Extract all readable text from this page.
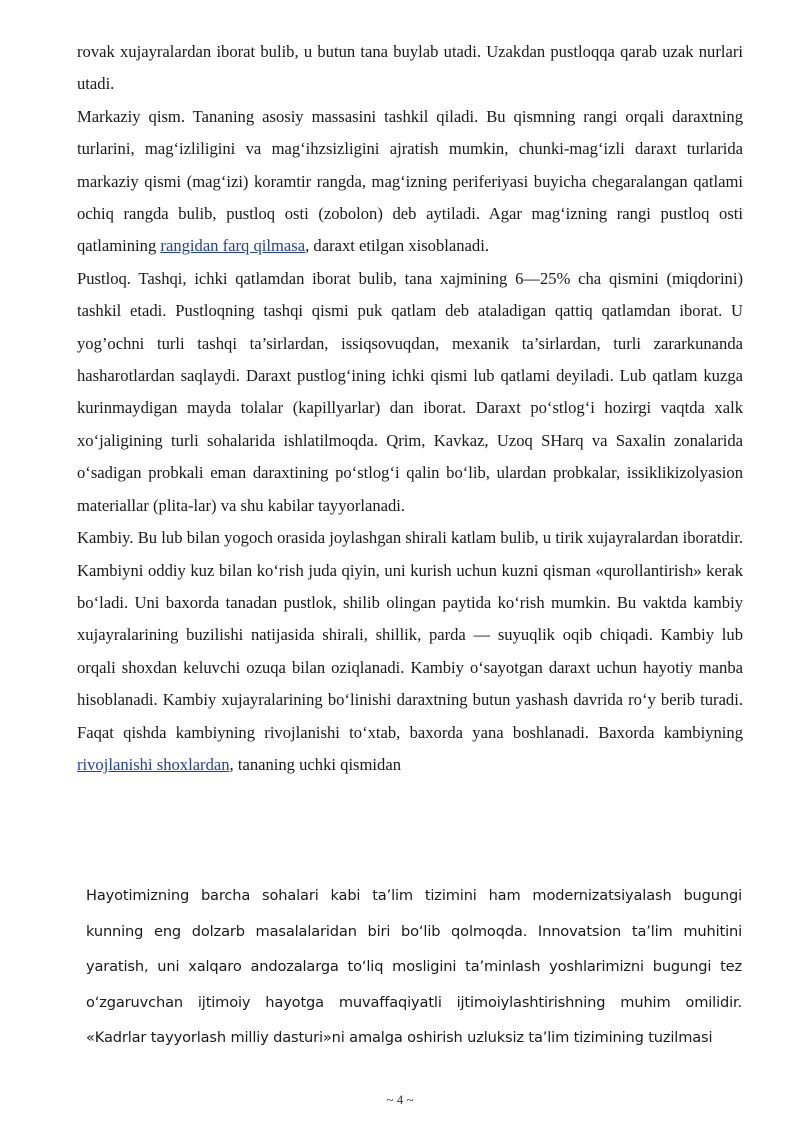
rovak xujayralardan iborat bulib, u butun tana buylab utadi. Uzakdan pustloqqa qarab uzak nurlari utadi.

Markaziy qism. Tananing asosiy massasini tashkil qiladi. Bu qismning rangi orqali daraxtning turlarini, mag‘izliligini va mag‘ihzsizligini ajratish mumkin, chunki-mag‘izli daraxt turlarida markaziy qismi (mag‘izi) koramtir rangda, mag‘izning periferiyasi buyicha chegaralangan qatlami ochiq rangda bulib, pustloq osti (zobolon) deb aytiladi. Agar mag‘izning rangi pustloq osti qatlamining rangidan farq qilmasa, daraxt etilgan xisoblanadi.

Pustloq. Tashqi, ichki qatlamdan iborat bulib, tana xajmining 6—25% cha qismini (miqdorini) tashkil etadi. Pustloqning tashqi qismi puk qatlam deb ataladigan qattiq qatlamdan iborat. U yog’ochni turli tashqi ta’sirlardan, issiqsovuqdan, mexanik ta’sirlardan, turli zararkunanda hasharotlardan saqlaydi. Daraxt pustlog‘ining ichki qismi lub qatlami deyiladi. Lub qatlam kuzga kurinmaydigan mayda tolalar (kapillyarlar) dan iborat. Daraxt po‘stlog‘i hozirgi vaqtda xalk xo‘jaligining turli sohalarida ishlatilmoqda. Qrim, Kavkaz, Uzoq SHarq va Saxalin zonalarida o‘sadigan probkali eman daraxtining po‘stlog‘i qalin bo‘lib, ulardan probkalar, issiklikizolyasion materiallar (plita-lar) va shu kabilar tayyorlanadi.

Kambiy. Bu lub bilan yogoch orasida joylashgan shirali katlam bulib, u tirik xujayralardan iboratdir. Kambiyni oddiy kuz bilan ko‘rish juda qiyin, uni kurish uchun kuzni qisman «qurollantirish» kerak bo‘ladi. Uni baxorda tanadan pustlok, shilib olingan paytida ko‘rish mumkin. Bu vaktda kambiy xujayralarining buzilishi natijasida shirali, shillik, parda — suyuqlik oqib chiqadi. Kambiy lub orqali shoxdan keluvchi ozuqa bilan oziqlanadi. Kambiy o‘sayotgan daraxt uchun hayotiy manba hisoblanadi. Kambiy xujayralarining bo‘linishi daraxtning butun yashash davrida ro‘y berib turadi. Faqat qishda kambiyning rivojlanishi to‘xtab, baxorda yana boshlanadi. Baxorda kambiyning rivojlanishi shoxlardan, tananing uchki qismidan

Hayotimizning barcha sohalari kabi ta’lim tizimini ham modernizatsiyalash bugungi kunning eng dolzarb masalalaridan biri bo‘lib qolmoqda. Innovatsion ta’lim muhitini yaratish, uni xalqaro andozalarga to‘liq mosligini ta’minlash yoshlarimizni bugungi tez o‘zgaruvchan ijtimoiy hayotga muvaffaqiyatli ijtimoiylashtirishning muhim omilidir. «Kadrlar tayyorlash milliy dasturi»ni amalga oshirish uzluksiz ta’lim tizimining tuzilmasi

~ 4 ~
